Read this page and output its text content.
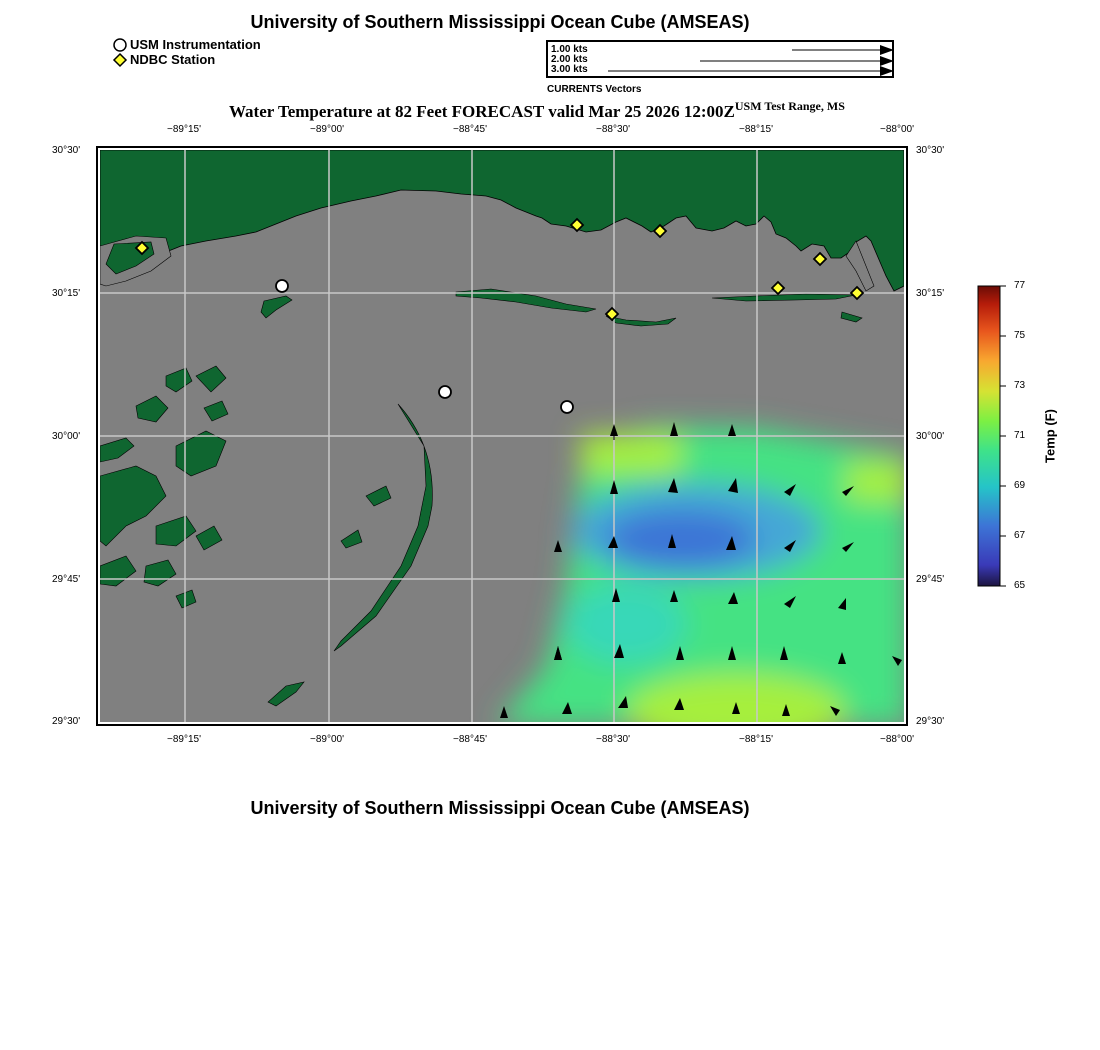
University of Southern Mississippi Ocean Cube (AMSEAS)
USM Instrumentation
NDBC Station
1.00 kts
2.00 kts
3.00 kts
CURRENTS Vectors
Water Temperature at 82 Feet FORECAST valid Mar 25 2026 $12:00Z^{USM Test Range, MS}$
−89°15'	−89°00'	−88°45'	−88°30'	−88°15'	−88°00'
−89°15'	−89°00'	−88°45'	−88°30'	−88°15'	−88°00'
30°30'
30°15'
30°00'
29°45'
29°30'
30°30'
30°15'
30°00'
29°45'
29°30'
77
75
73
71
69
67
65
Temp (F)
University of Southern Mississippi Ocean Cube (AMSEAS)
